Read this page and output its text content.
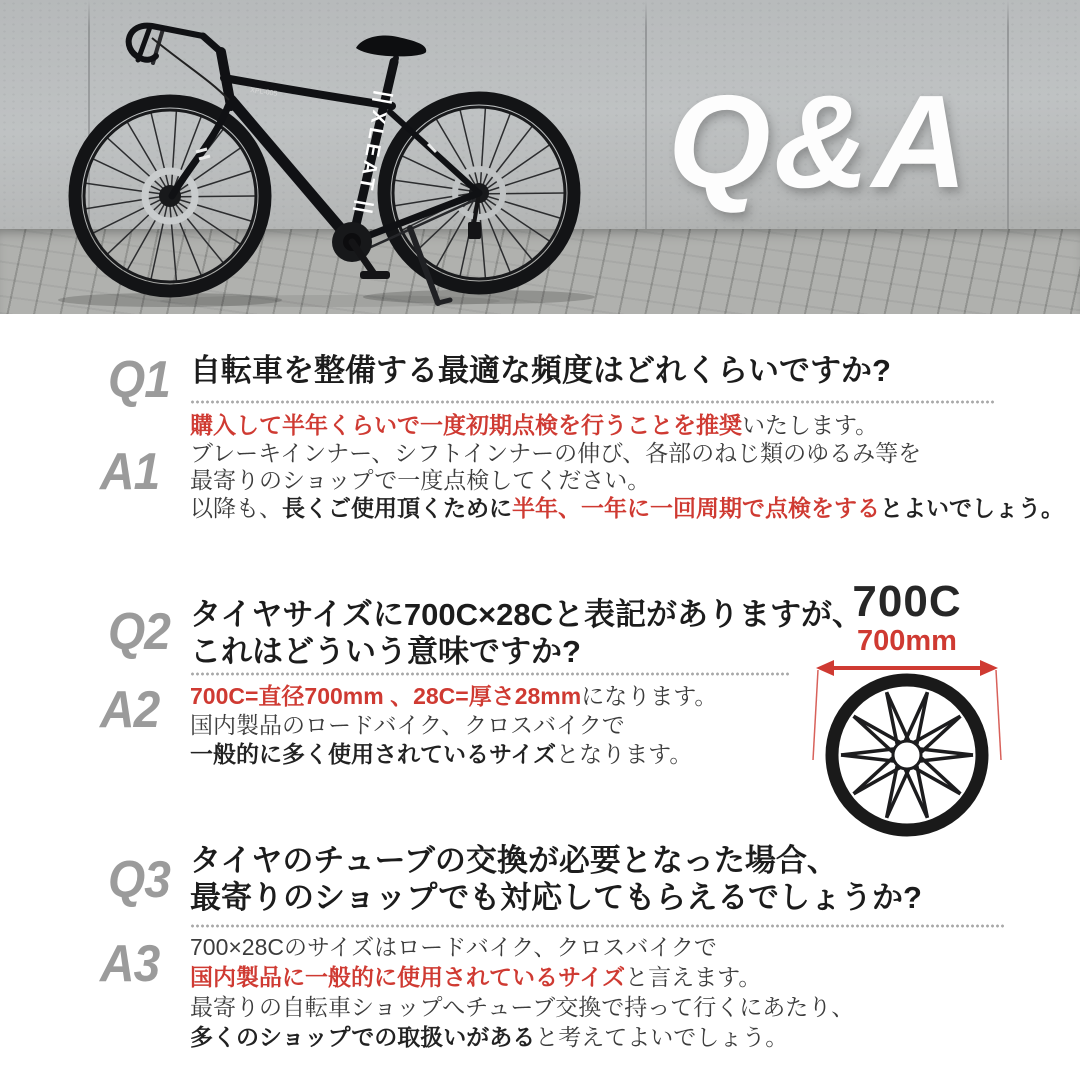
XLEAT
XPL-005	Q&A
Q1 自転車を整備する最適な頻度はどれくらいですか?
A1

購入して半年くらいで一度初期点検を行うことを推奨いたします。

ブレーキインナー、シフトインナーの伸び、各部のねじ類のゆるみ等を

最寄りのショップで一度点検してください。

以降も、長くご使用頂くために半年、一年に一回周期で点検をするとよいでしょう。

Q2 タイヤサイズに700C×28Cと表記がありますが、
これはどういう意味ですか?
A2 700C=直径700mm 、28C=厚さ28mmになります。

国内製品のロードバイク、クロスバイクで

一般的に多く使用されているサイズとなります。

700C
700mm
Q3 タイヤのチューブの交換が必要となった場合、
最寄りのショップでも対応してもらえるでしょうか?
A3 700×28Cのサイズはロードバイク、クロスバイクで

国内製品に一般的に使用されているサイズと言えます。

最寄りの自転車ショップへチューブ交換で持って行くにあたり、

多くのショップでの取扱いがあると考えてよいでしょう。
